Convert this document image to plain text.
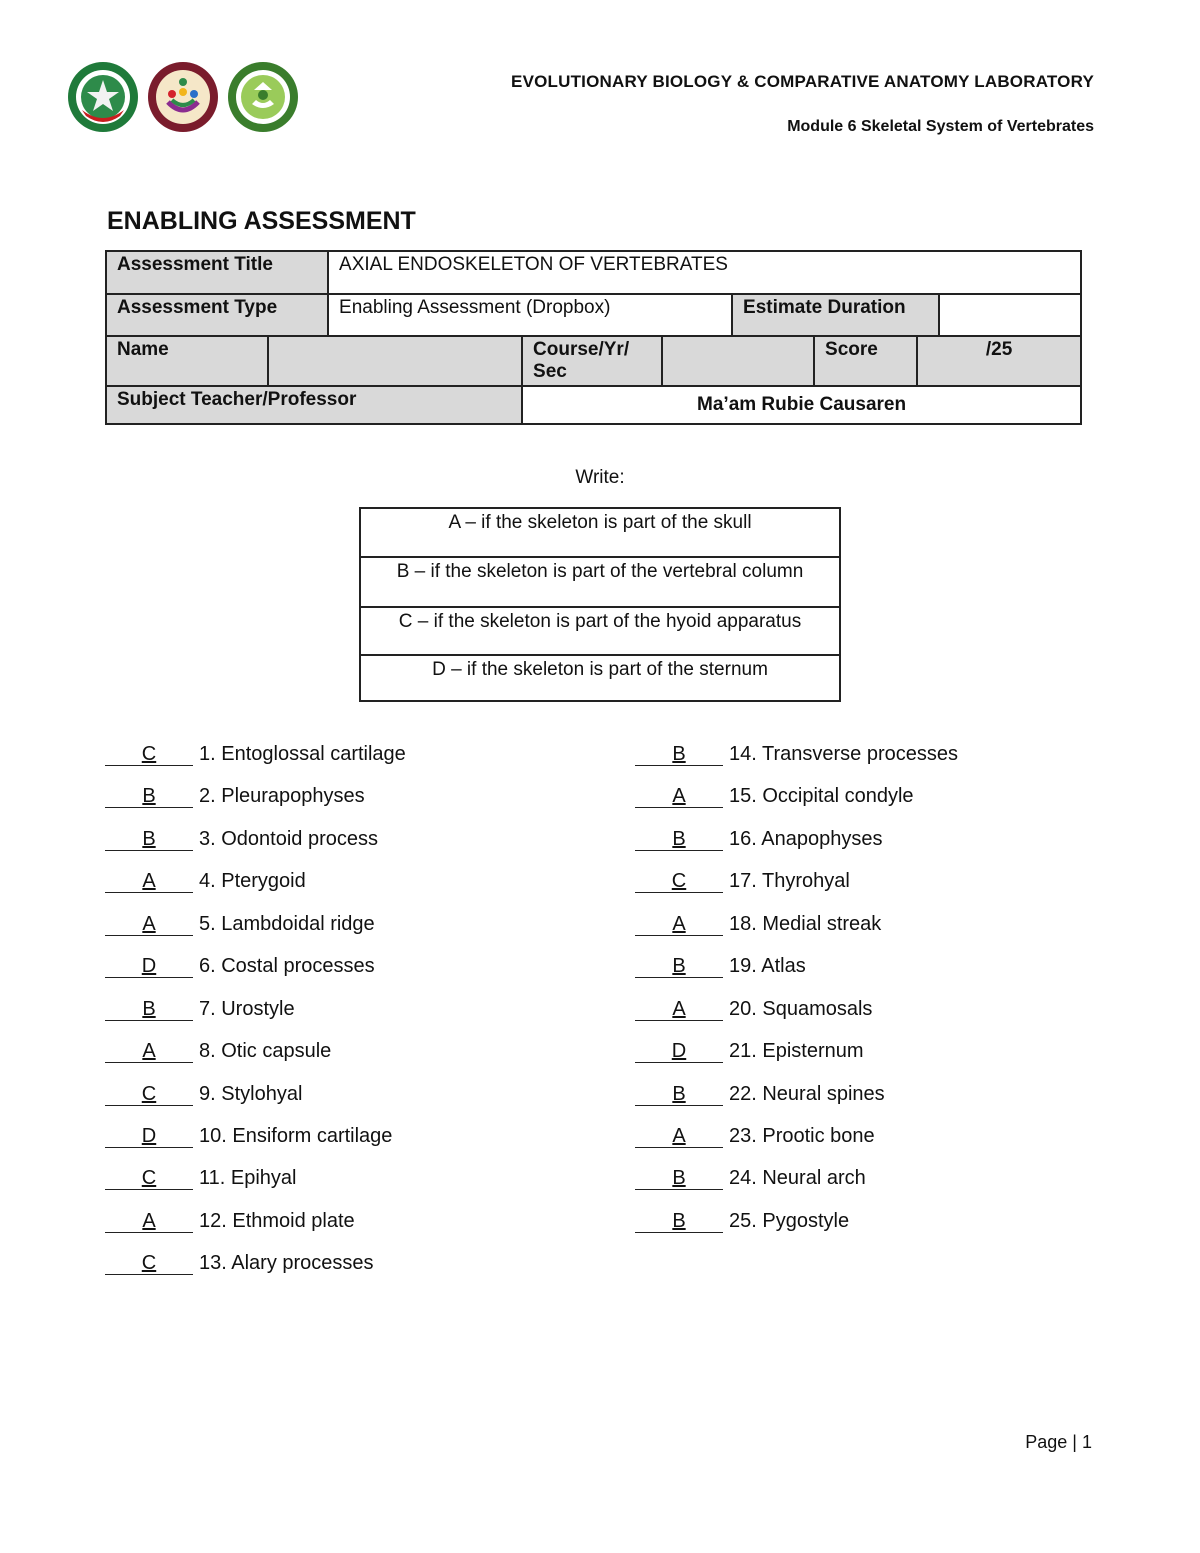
EVOLUTIONARY BIOLOGY & COMPARATIVE ANATOMY LABORATORY
Module 6 Skeletal System of Vertebrates
ENABLING ASSESSMENT
Assessment Title		AXIAL ENDOSKELETON OF VERTEBRATES						
Assessment Type		Enabling Assessment (Dropbox)			Estimate Duration			
Name			Course/Yr/ Sec			Score	/25	
Subject Teacher/Professor			Ma’am Rubie Causaren					
Write:
A – if the skeleton is part of the skull
B – if the skeleton is part of the vertebral column
C – if the skeleton is part of the hyoid apparatus
D – if the skeleton is part of the sternum
C	1. Entoglossal cartilage
B	2. Pleurapophyses
B	3. Odontoid process
A	4. Pterygoid
A	5. Lambdoidal ridge
D	6. Costal processes
B	7. Urostyle
A	8. Otic capsule
C	9. Stylohyal
D	10. Ensiform cartilage
C	11. Epihyal
A	12. Ethmoid plate
C	13. Alary processes
B	14. Transverse processes
A	15. Occipital condyle
B	16. Anapophyses
C	17. Thyrohyal
A	18. Medial streak
B	19. Atlas
A	20. Squamosals
D	21. Episternum
B	22. Neural spines
A	23. Prootic bone
B	24. Neural arch
B	25. Pygostyle
Page | 1
